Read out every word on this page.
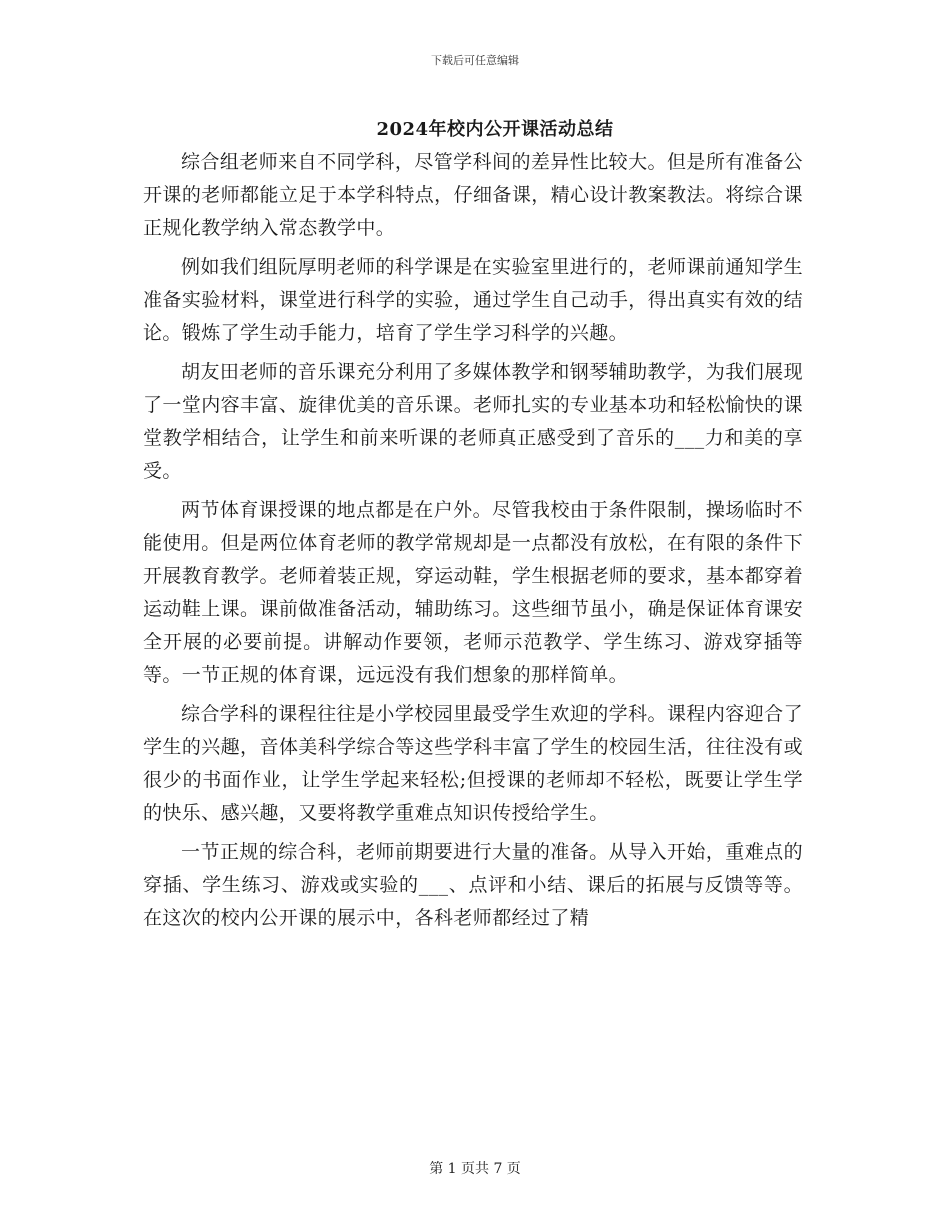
下载后可任意编辑
2024年校内公开课活动总结

综合组老师来自不同学科，尽管学科间的差异性比较大。但是所有准备公开课的老师都能立足于本学科特点，仔细备课，精心设计教案教法。将综合课正规化教学纳入常态教学中。

例如我们组阮厚明老师的科学课是在实验室里进行的，老师课前通知学生准备实验材料，课堂进行科学的实验，通过学生自己动手，得出真实有效的结论。锻炼了学生动手能力，培育了学生学习科学的兴趣。

胡友田老师的音乐课充分利用了多媒体教学和钢琴辅助教学，为我们展现了一堂内容丰富、旋律优美的音乐课。老师扎实的专业基本功和轻松愉快的课堂教学相结合，让学生和前来听课的老师真正感受到了音乐的___力和美的享受。

两节体育课授课的地点都是在户外。尽管我校由于条件限制，操场临时不能使用。但是两位体育老师的教学常规却是一点都没有放松，在有限的条件下开展教育教学。老师着装正规，穿运动鞋，学生根据老师的要求，基本都穿着运动鞋上课。课前做准备活动，辅助练习。这些细节虽小，确是保证体育课安全开展的必要前提。讲解动作要领，老师示范教学、学生练习、游戏穿插等等。一节正规的体育课，远远没有我们想象的那样简单。

综合学科的课程往往是小学校园里最受学生欢迎的学科。课程内容迎合了学生的兴趣，音体美科学综合等这些学科丰富了学生的校园生活，往往没有或很少的书面作业，让学生学起来轻松;但授课的老师却不轻松，既要让学生学的快乐、感兴趣，又要将教学重难点知识传授给学生。

一节正规的综合科，老师前期要进行大量的准备。从导入开始，重难点的穿插、学生练习、游戏或实验的___、点评和小结、课后的拓展与反馈等等。在这次的校内公开课的展示中，各科老师都经过了精

第 1 页共 7 页
